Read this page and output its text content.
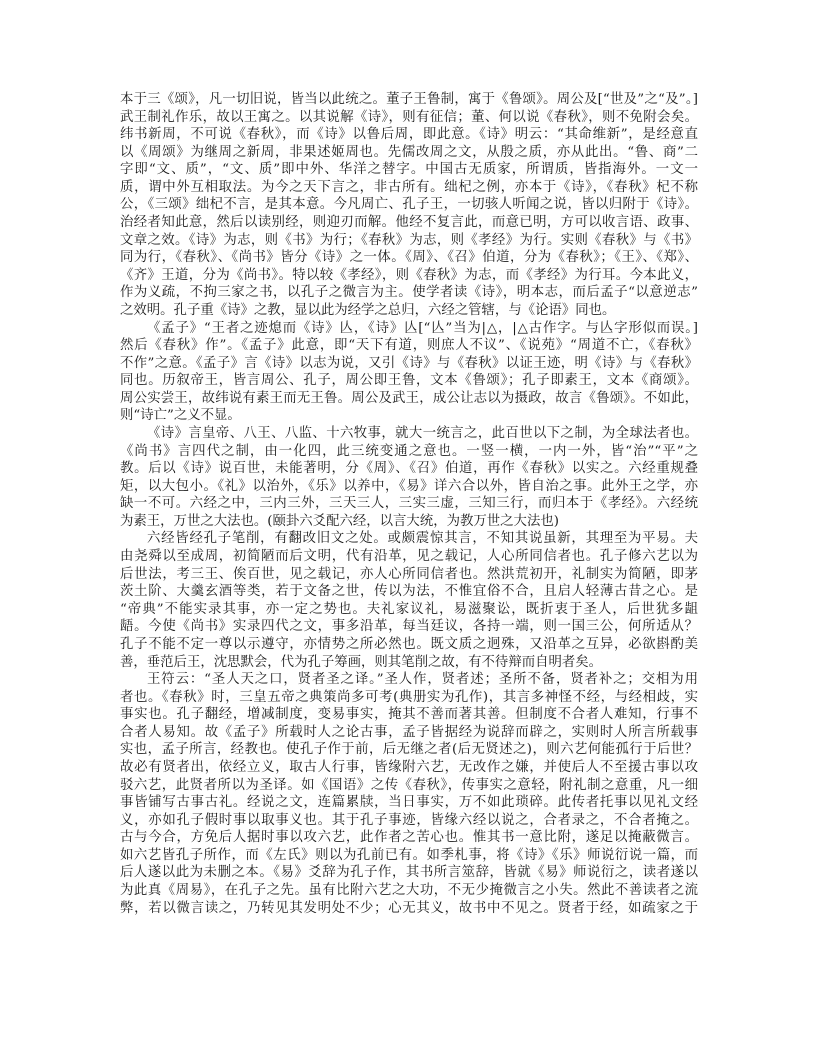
本于三《颂》，凡一切旧说，皆当以此统之。董子王鲁制，寓于《鲁颂》。周公及[“世及”之“及”。]
武王制礼作乐，故以王寓之。以其说解《诗》，则有征信；董、何以说《春秋》，则不免附会矣。
纬书新周，不可说《春秋》，而《诗》以鲁后周，即此意。《诗》明云：“其命维新”，是经意直
以《周颂》为继周之新周，非果述姬周也。先儒改周之文，从殷之质，亦从此出。“鲁、商”二
字即“文、质”，“文、质”即中外、华洋之替字。中国古无质家，所谓质，皆指海外。一文一
质，谓中外互相取法。为今之天下言之，非古所有。绌杞之例，亦本于《诗》，《春秋》杞不称
公，《三颂》绌杞不言，是其本意。今凡周亡、孔子王，一切骇人听闻之说，皆以归附于《诗》。
治经者知此意，然后以读别经，则迎刃而解。他经不复言此，而意已明，方可以收言语、政事、
文章之效。《诗》为志，则《书》为行；《春秋》为志，则《孝经》为行。实则《春秋》与《书》
同为行，《春秋》、《尚书》皆分《诗》之一体。《周》、《召》伯道，分为《春秋》；《王》、《郑》、
《齐》王道，分为《尚书》。特以较《孝经》，则《春秋》为志，而《孝经》为行耳。今本此义，
作为义疏，不拘三家之书，以孔子之微言为主。使学者读《诗》，明本志，而后孟子“以意逆志”
之效明。孔子重《诗》之教，显以此为经学之总归，六经之管辖，与《论语》同也。
《孟子》“王者之迹熄而《诗》亾，《诗》亾[“亾”当为|△，|△古作字。与亾字形似而误。]
然后《春秋》作”。《孟子》此意，即“天下有道，则庶人不议”、《说苑》“周道不亡，《春秋》
不作”之意。《孟子》言《诗》以志为说，又引《诗》与《春秋》以证王迹，明《诗》与《春秋》
同也。历叙帝王，皆言周公、孔子，周公即王鲁，文本《鲁颂》；孔子即素王，文本《商颂》。
周公实尝王，故纬说有素王而无王鲁。周公及武王，成公让志以为摄政，故言《鲁颂》。不如此，
则“诗亡”之义不显。
《诗》言皇帝、八王、八监、十六牧事，就大一统言之，此百世以下之制，为全球法者也。
《尚书》言四代之制，由一化四，此三统变通之意也。一竖一横，一内一外，皆“治”“平”之
教。后以《诗》说百世，未能著明，分《周》、《召》伯道，再作《春秋》以实之。六经重规叠
矩，以大包小。《礼》以治外，《乐》以养中，《易》详六合以外，皆自治之事。此外王之学，亦
缺一不可。六经之中，三内三外，三天三人，三实三虚，三知三行，而归本于《孝经》。六经统
为素王，万世之大法也。(颐卦六爻配六经，以言大统，为教万世之大法也)
六经皆经孔子笔削，有翻改旧文之处。或颇震惊其言，不知其说虽新，其理至为平易。夫
由尧舜以至成周，初简陋而后文明，代有沿革，见之载记，人心所同信者也。孔子修六艺以为
后世法，考三王、俟百世，见之载记，亦人心所同信者也。然洪荒初开，礼制实为简陋，即茅
茨土阶、大羹玄酒等类，若于文备之世，传以为法，不惟宜俗不合，且启人轻薄古昔之心。是
“帝典”不能实录其事，亦一定之势也。夫礼家议礼，易滋聚讼，既折衷于圣人，后世犹多龃
龉。今使《尚书》实录四代之文，事多沿革，每当廷议，各持一端，则一国三公，何所适从？
孔子不能不定一尊以示遵守，亦情势之所必然也。既文质之迥殊，又沿革之互异，必欲斟酌美
善，垂范后王，沈思默会，代为孔子筹画，则其笔削之故，有不待辩而自明者矣。
王符云：“圣人天之口，贤者圣之译。”圣人作，贤者述；圣所不备，贤者补之；交相为用
者也。《春秋》时，三皇五帝之典策尚多可考(典册实为孔作)，其言多神怪不经，与经相歧，实
事实也。孔子翻经，增减制度，变易事实，掩其不善而著其善。但制度不合者人难知，行事不
合者人易知。故《孟子》所载时人之论古事，孟子皆据经为说辞而辟之，实则时人所言所载事
实也，孟子所言，经教也。使孔子作于前，后无继之者(后无贤述之)，则六艺何能孤行于后世？
故必有贤者出，依经立义，取古人行事，皆缘附六艺，无改作之嫌，并使后人不至援古事以攻
驳六艺，此贤者所以为圣译。如《国语》之传《春秋》，传事实之意轻，附礼制之意重，凡一细
事皆铺写古事古礼。经说之文，连篇累牍，当日事实，万不如此琐碎。此传者托事以见礼文经
义，亦如孔子假时事以取事义也。其于孔子事迹，皆缘六经以说之，合者录之，不合者掩之。
古与今合，方免后人据时事以攻六艺，此作者之苦心也。惟其书一意比附，遂足以掩蔽微言。
如六艺皆孔子所作，而《左氏》则以为孔前已有。如季札事，将《诗》《乐》师说衍说一篇，而
后人遂以此为未删之本。《易》爻辞为孔子作，其书所言筮辞，皆就《易》师说衍之，读者遂以
为此真《周易》，在孔子之先。虽有比附六艺之大功，不无少掩微言之小失。然此不善读者之流
弊，若以微言读之，乃转见其发明处不少；心无其义，故书中不见之。贤者于经，如疏家之于
